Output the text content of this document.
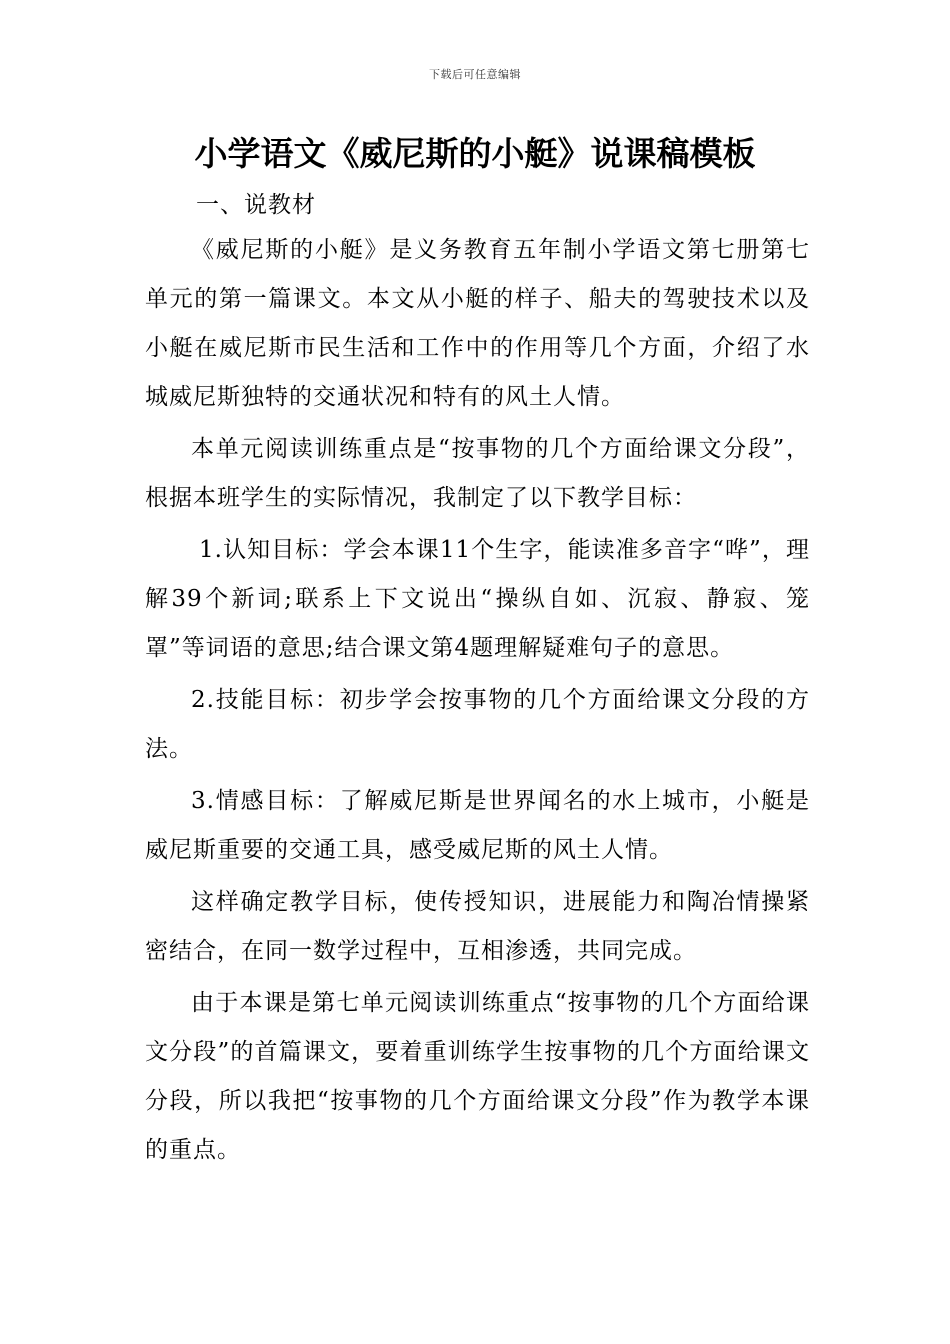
下载后可任意编辑
小学语文《威尼斯的小艇》说课稿模板
一、说教材

《威尼斯的小艇》是义务教育五年制小学语文第七册第七单元的第一篇课文。本文从小艇的样子、船夫的驾驶技术以及小艇在威尼斯市民生活和工作中的作用等几个方面，介绍了水城威尼斯独特的交通状况和特有的风土人情。

本单元阅读训练重点是“按事物的几个方面给课文分段”，根据本班学生的实际情况，我制定了以下教学目标：

1.认知目标：学会本课11个生字，能读准多音字“哗”，理解39个新词;联系上下文说出“操纵自如、沉寂、静寂、笼罩”等词语的意思;结合课文第4题理解疑难句子的意思。

2.技能目标：初步学会按事物的几个方面给课文分段的方法。

3.情感目标：了解威尼斯是世界闻名的水上城市，小艇是威尼斯重要的交通工具，感受威尼斯的风土人情。

这样确定教学目标，使传授知识，进展能力和陶冶情操紧密结合，在同一数学过程中，互相渗透，共同完成。

由于本课是第七单元阅读训练重点“按事物的几个方面给课文分段”的首篇课文，要着重训练学生按事物的几个方面给课文分段，所以我把“按事物的几个方面给课文分段”作为教学本课的重点。
